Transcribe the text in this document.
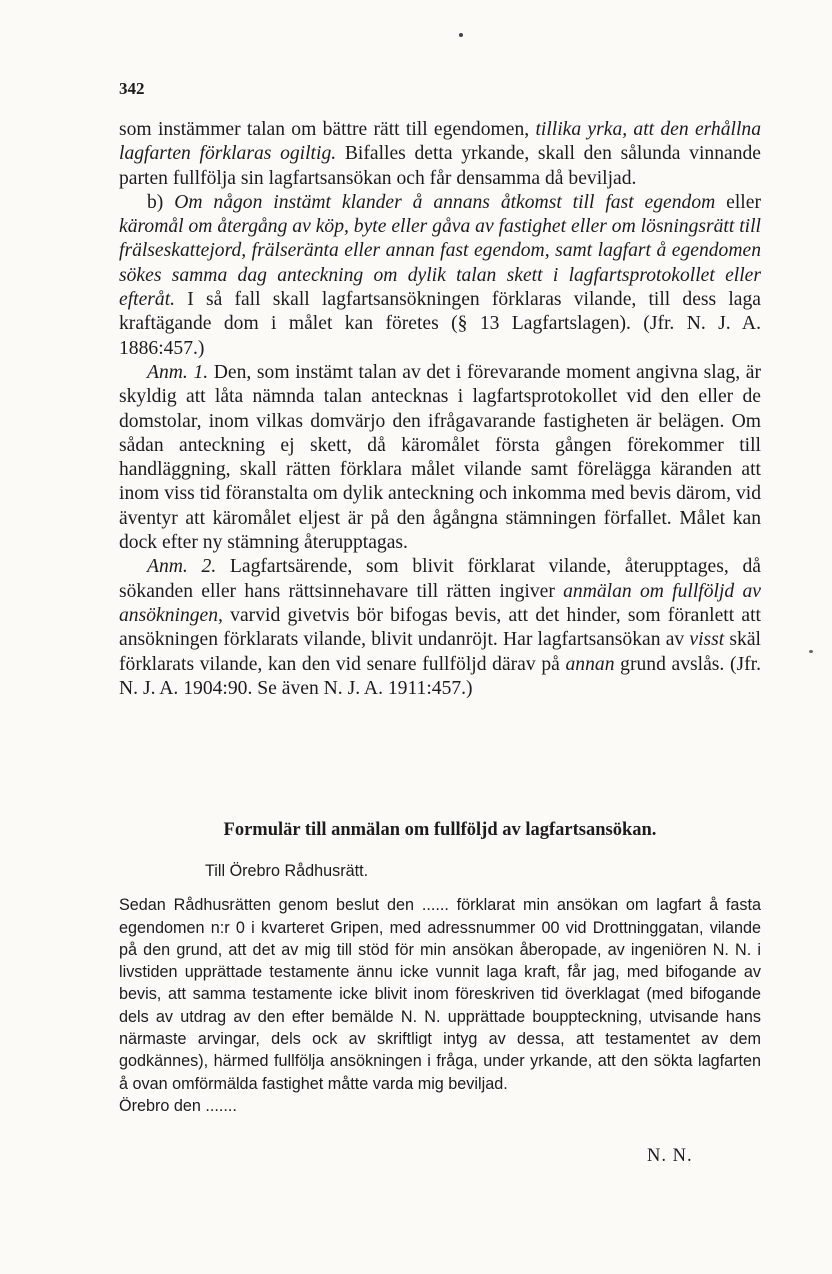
342

som instämmer talan om bättre rätt till egendomen, tillika yrka, att den erhållna lagfarten förklaras ogiltig. Bifalles detta yrkande, skall den sålunda vinnande parten fullfölja sin lagfartsansökan och får densamma då beviljad.

b) Om någon instämt klander å annans åtkomst till fast egendom eller käromål om återgång av köp, byte eller gåva av fastighet eller om lösningsrätt till frälseskattejord, frälseränta eller annan fast egendom, samt lagfart å egendomen sökes samma dag anteckning om dylik talan skett i lagfartsprotokollet eller efteråt. I så fall skall lagfartsansökningen förklaras vilande, till dess laga kraftägande dom i målet kan företes (§ 13 Lagfartslagen). (Jfr. N. J. A. 1886:457.)

Anm. 1. Den, som instämt talan av det i förevarande moment angivna slag, är skyldig att låta nämnda talan antecknas i lagfartsprotokollet vid den eller de domstolar, inom vilkas domvärjo den ifrågavarande fastigheten är belägen. Om sådan anteckning ej skett, då käromålet första gången förekommer till handläggning, skall rätten förklara målet vilande samt förelägga käranden att inom viss tid föranstalta om dylik anteckning och inkomma med bevis därom, vid äventyr att käromålet eljest är på den ågångna stämningen förfallet. Målet kan dock efter ny stämning återupptagas.

Anm. 2. Lagfartsärende, som blivit förklarat vilande, återupptages, då sökanden eller hans rättsinnehavare till rätten ingiver anmälan om fullföljd av ansökningen, varvid givetvis bör bifogas bevis, att det hinder, som föranlett att ansökningen förklarats vilande, blivit undanröjt. Har lagfartsansökan av visst skäl förklarats vilande, kan den vid senare fullföljd därav på annan grund avslås. (Jfr. N. J. A. 1904:90. Se även N. J. A. 1911:457.)

Formulär till anmälan om fullföljd av lagfartsansökan.

Till Örebro Rådhusrätt.

Sedan Rådhusrätten genom beslut den ...... förklarat min ansökan om lagfart å fasta egendomen n:r 0 i kvarteret Gripen, med adressnummer 00 vid Drottninggatan, vilande på den grund, att det av mig till stöd för min ansökan åberopade, av ingeniören N. N. i livstiden upprättade testamente ännu icke vunnit laga kraft, får jag, med bifogande av bevis, att samma testamente icke blivit inom föreskriven tid överklagat (med bifogande dels av utdrag av den efter bemälde N. N. upprättade bouppteckning, utvisande hans närmaste arvingar, dels ock av skriftligt intyg av dessa, att testamentet av dem godkännes), härmed fullfölja ansökningen i fråga, under yrkande, att den sökta lagfarten å ovan omförmälda fastighet måtte varda mig beviljad.

Örebro den .......

N. N.
